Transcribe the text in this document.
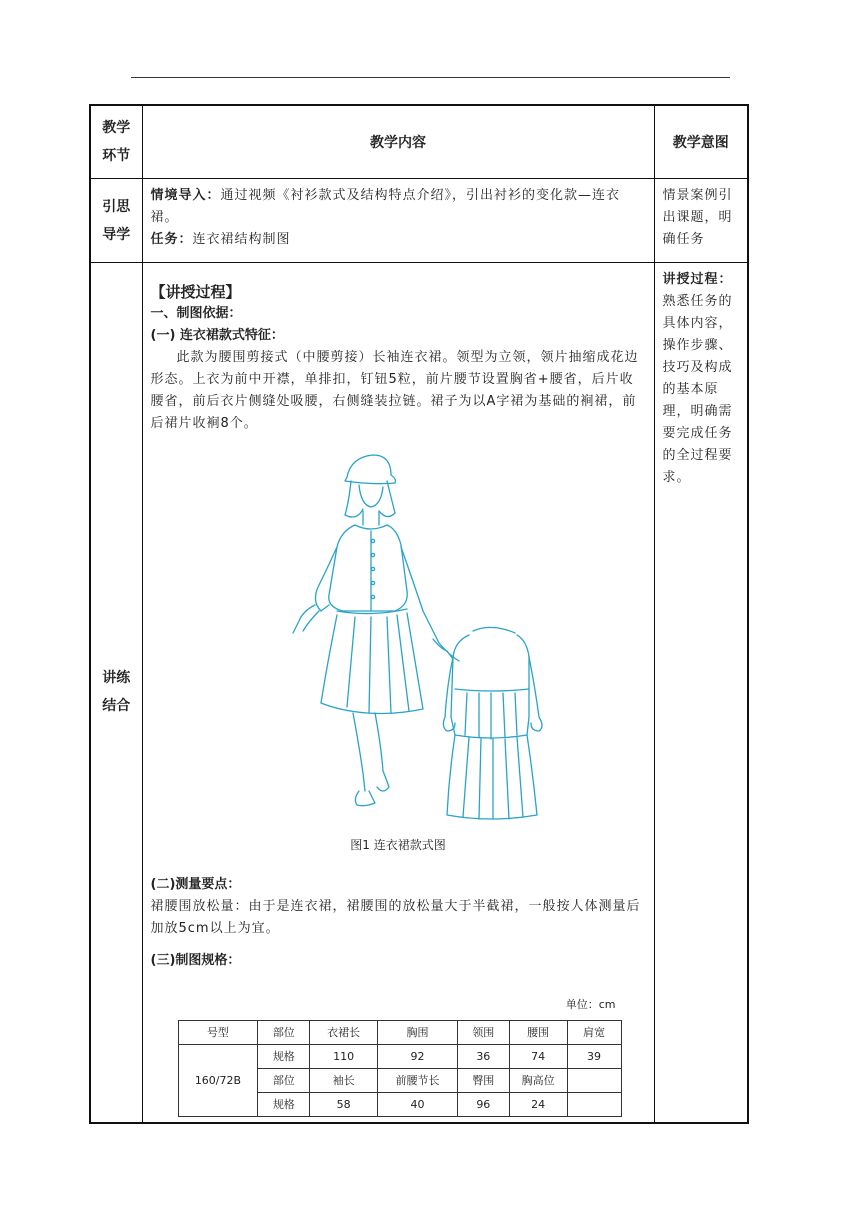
教学环节
	教学内容	教学意图

引思导学

情境导入：通过视频《衬衫款式及结构特点介绍》，引出衬衫的变化款—连衣裙。
任务：连衣裙结构制图
	情景案例引出课题，明确任务

讲练结合

【讲授过程】
一、制图依据：
(一) 连衣裙款式特征：
此款为腰围剪接式（中腰剪接）长袖连衣裙。领型为立领，领片抽缩成花边形态。上衣为前中开襟，单排扣，钉钮5粒，前片腰节设置胸省+腰省，后片收腰省，前后衣片侧缝处吸腰，右侧缝装拉链。裙子为以A字裙为基础的裥裙，前后裙片收裥8个。
图1 连衣裙款式图
(二)测量要点：
裙腰围放松量：由于是连衣裙，裙腰围的放松量大于半截裙，一般按人体测量后加放5cm以上为宜。
(三)制图规格：
单位：cm
号型	部位	衣裙长	胸围	领围	腰围	肩宽
160/72B	规格	110	92	36	74	39
部位	袖长	前腰节长	臀围	胸高位	
规格	58	40	96	24	

讲授过程：
熟悉任务的具体内容，操作步骤、技巧及构成的基本原理，明确需要完成任务的全过程要求。
